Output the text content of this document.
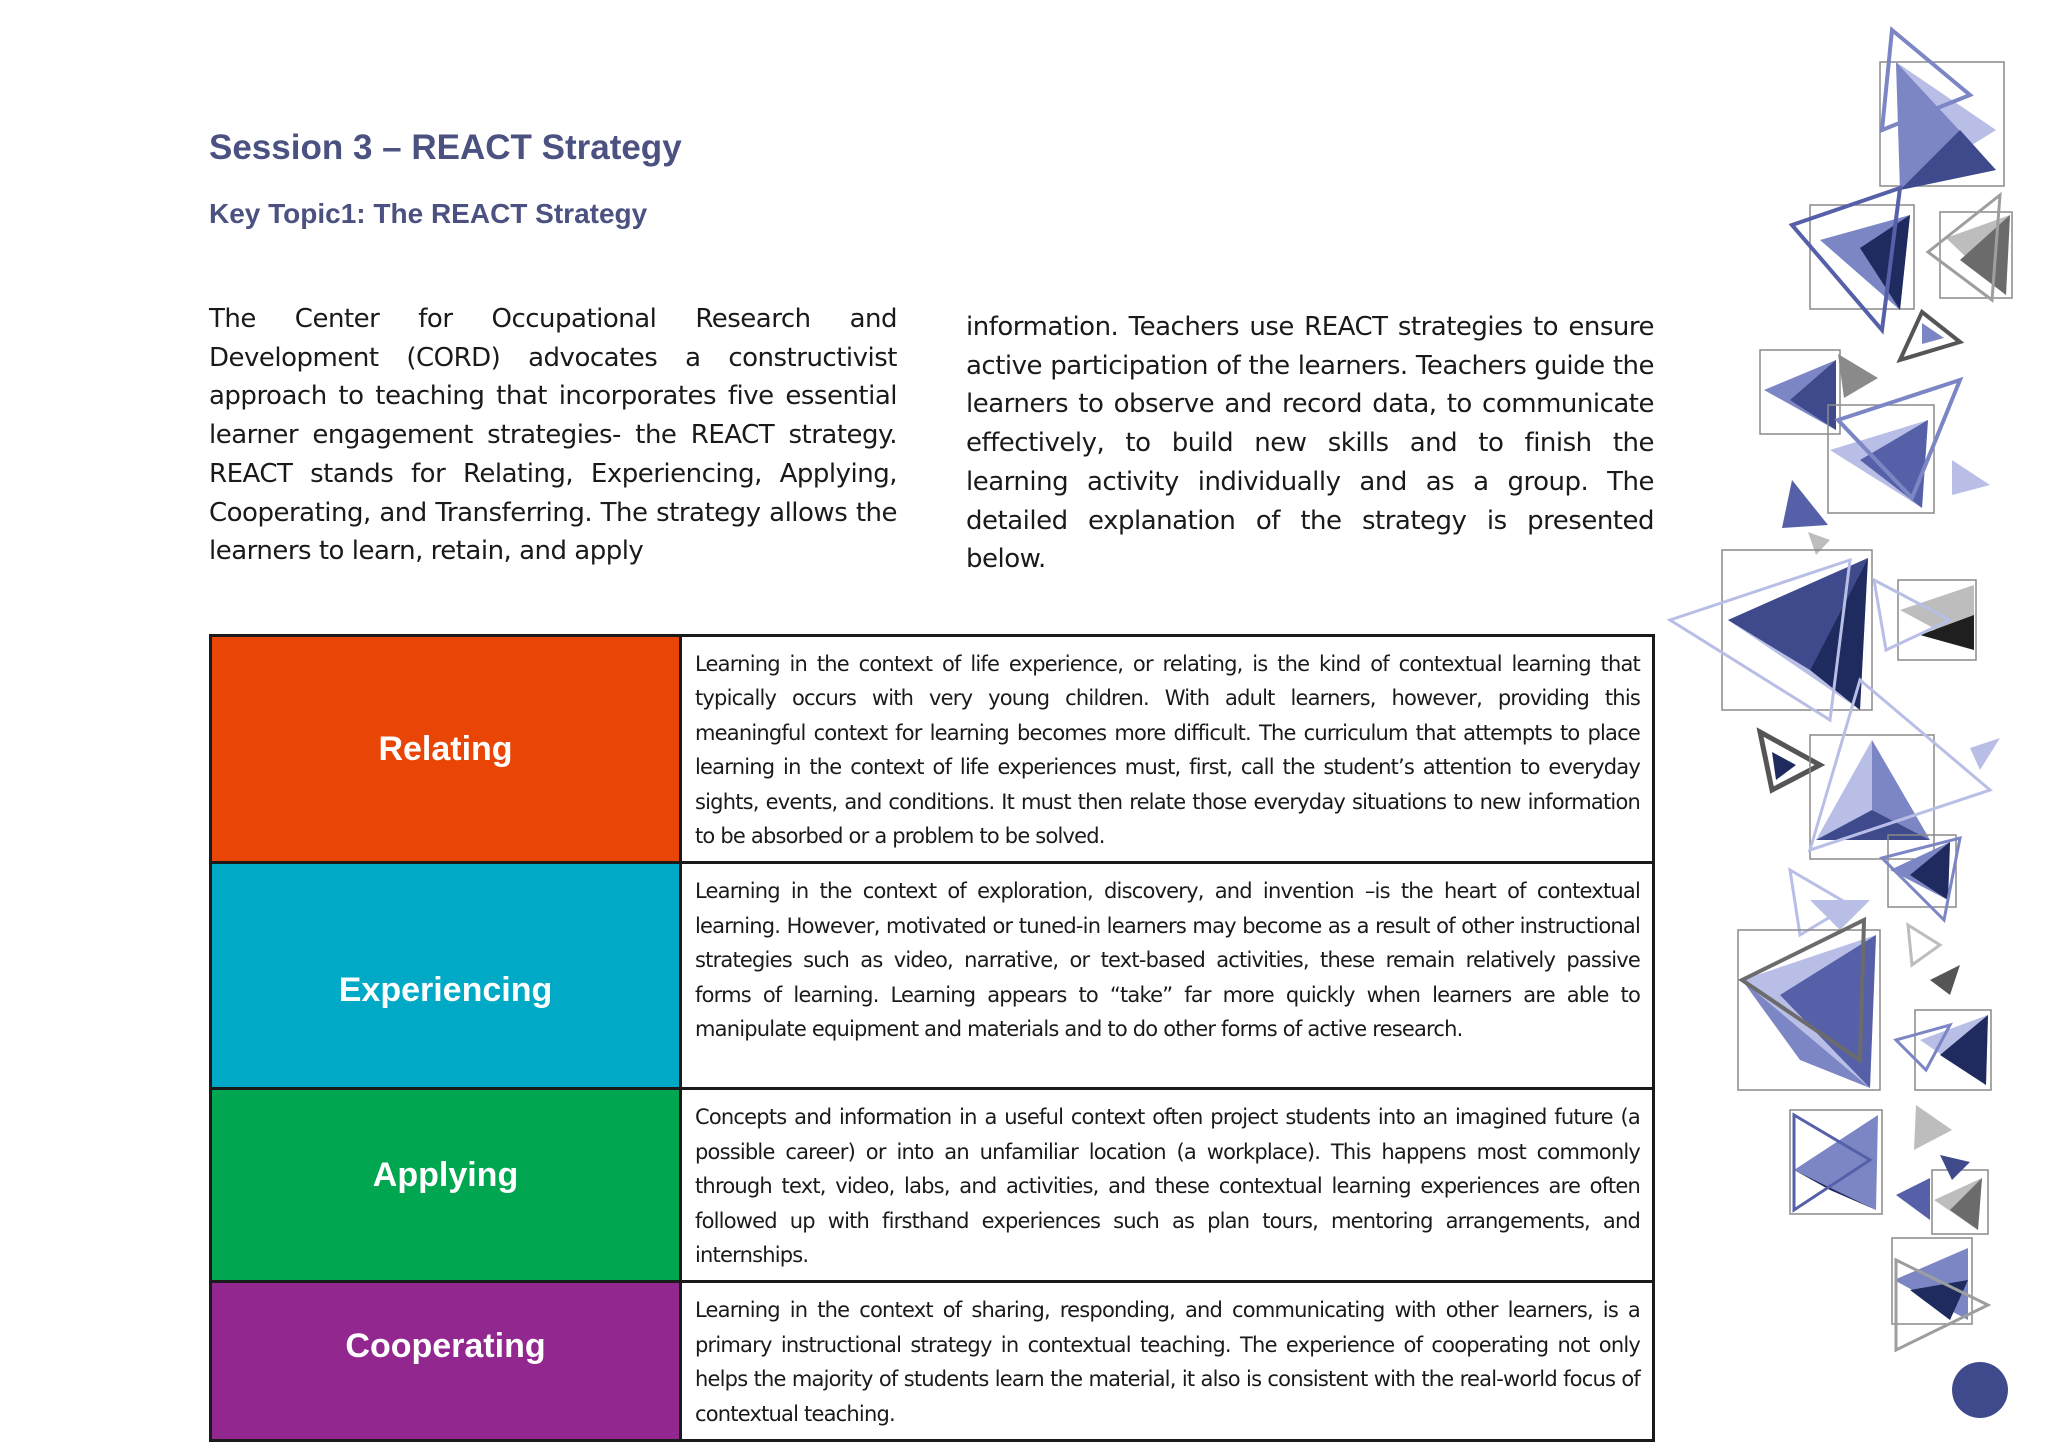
Session 3 – REACT Strategy
Key Topic1: The REACT Strategy

The Center for Occupational Research and Development (CORD) advocates a constructivist approach to teaching that incorporates five essential learner engagement strategies- the REACT strategy. REACT stands for Relating, Experiencing, Applying, Cooperating, and Transferring. The strategy allows the learners to learn, retain, and apply

information. Teachers use REACT strategies to ensure active participation of the learners. Teachers guide the learners to observe and record data, to communicate effectively, to build new skills and to finish the learning activity individually and as a group. The detailed explanation of the strategy is presented below.

Relating	Learning in the context of life experience, or relating, is the kind of contextual learning that typically occurs with very young children. With adult learners, however, providing this meaningful context for learning becomes more difficult. The curriculum that attempts to place learning in the context of life experiences must, first, call the student’s attention to everyday sights, events, and conditions. It must then relate those everyday situations to new information to be absorbed or a problem to be solved.
Experiencing	Learning in the context of exploration, discovery, and invention –is the heart of contextual learning. However, motivated or tuned-in learners may become as a result of other instructional strategies such as video, narrative, or text-based activities, these remain relatively passive forms of learning. Learning appears to “take” far more quickly when learners are able to manipulate equipment and materials and to do other forms of active research.
Applying	Concepts and information in a useful context often project students into an imagined future (a possible career) or into an unfamiliar location (a workplace). This happens most commonly through text, video, labs, and activities, and these contextual learning experiences are often followed up with firsthand experiences such as plan tours, mentoring arrangements, and internships.
Cooperating	Learning in the context of sharing, responding, and communicating with other learners, is a primary instructional strategy in contextual teaching. The experience of cooperating not only helps the majority of students learn the material, it also is consistent with the real-world focus of contextual teaching.
